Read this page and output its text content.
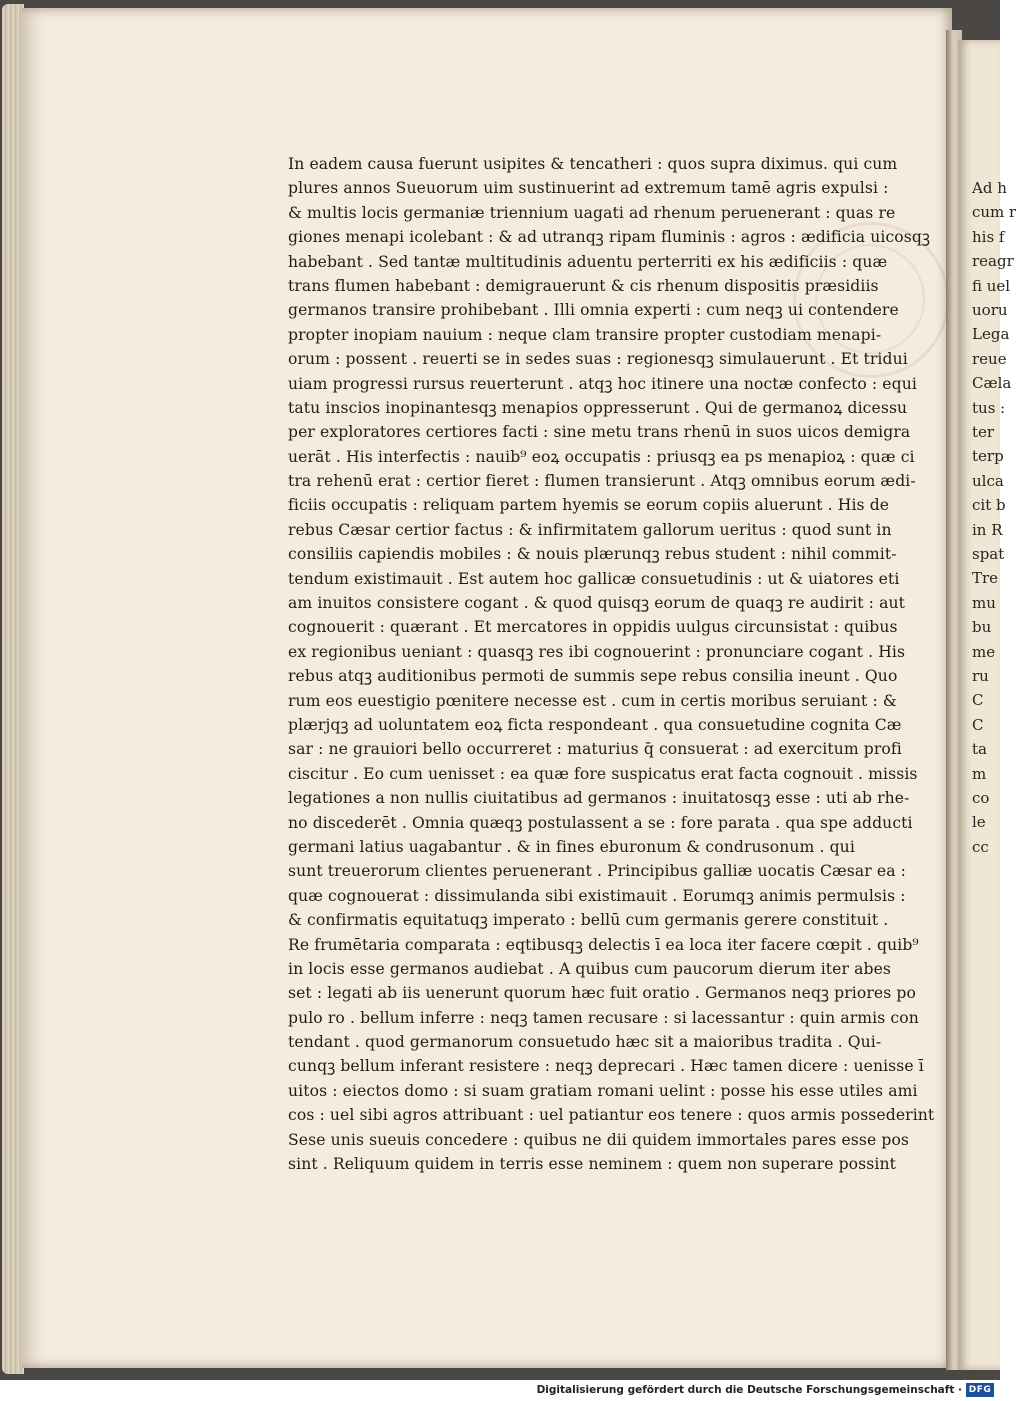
Ad h
cum r
his f
reagr
fi uel
uoru
Lega
reue
Cæla
tus :
ter
terp
ulca
cit b
in R
spat
Tre
mu
bu
me
ru
C
C
ta
m
co
le
cc
In eadem causa fuerunt usipites & tencatheri : quos supra diximus. qui cum
plures annos Sueuorum uim sustinuerint ad extremum tamē agris expulsi :
& multis locis germaniæ triennium uagati ad rhenum peruenerant : quas re
giones menapi icolebant : & ad utranqꝫ ripam fluminis : agros : ædificia uicosqꝫ
habebant . Sed tantæ multitudinis aduentu perterriti ex his ædificiis : quæ
trans flumen habebant : demigrauerunt & cis rhenum dispositis præsidiis
germanos transire prohibebant . Illi omnia experti : cum neqꝫ ui contendere
propter inopiam nauium : neque clam transire propter custodiam menapi-
orum : possent . reuerti se in sedes suas : regionesqꝫ simulauerunt . Et tridui
uiam progressi rursus reuerterunt . atqꝫ hoc itinere una noctæ confecto : equi
tatu inscios inopinantesqꝫ menapios oppresserunt . Qui de germanoꝝ dicessu
per exploratores certiores facti : sine metu trans rhenū in suos uicos demigra
uerāt . His interfectis : nauib⁹ eoꝝ occupatis : priusqꝫ ea ps menapioꝝ : quæ ci
tra rehenū erat : certior fieret : flumen transierunt . Atqꝫ omnibus eorum ædi-
ficiis occupatis : reliquam partem hyemis se eorum copiis aluerunt . His de
rebus Cæsar certior factus : & infirmitatem gallorum ueritus : quod sunt in
consiliis capiendis mobiles : & nouis plærunqꝫ rebus student : nihil commit-
tendum existimauit . Est autem hoc gallicæ consuetudinis : ut & uiatores eti
am inuitos consistere cogant . & quod quisqꝫ eorum de quaqꝫ re audirit : aut
cognouerit : quærant . Et mercatores in oppidis uulgus circunsistat : quibus
ex regionibus ueniant : quasqꝫ res ibi cognouerint : pronunciare cogant . His
rebus atqꝫ auditionibus permoti de summis sepe rebus consilia ineunt . Quo
rum eos euestigio pœnitere necesse est . cum in certis moribus seruiant : &
plærjqꝫ ad uoluntatem eoꝝ ficta respondeant . qua consuetudine cognita Cæ
sar : ne grauiori bello occurreret : maturius q̄ consuerat : ad exercitum profi
ciscitur . Eo cum uenisset : ea quæ fore suspicatus erat facta cognouit . missis
legationes a non nullis ciuitatibus ad germanos : inuitatosqꝫ esse : uti ab rhe-
no discederēt . Omnia quæqꝫ postulassent a se : fore parata . qua spe adducti
germani latius uagabantur . & in fines eburonum & condrusonum . qui
sunt treuerorum clientes peruenerant . Principibus galliæ uocatis Cæsar ea :
quæ cognouerat : dissimulanda sibi existimauit . Eorumqꝫ animis permulsis :
& confirmatis equitatuqꝫ imperato : bellū cum germanis gerere constituit .
Re frumētaria comparata : eqtibusqꝫ delectis ī ea loca iter facere cœpit . quib⁹
in locis esse germanos audiebat . A quibus cum paucorum dierum iter abes
set : legati ab iis uenerunt quorum hæc fuit oratio . Germanos neqꝫ priores po
pulo ro . bellum inferre : neqꝫ tamen recusare : si lacessantur : quin armis con
tendant . quod germanorum consuetudo hæc sit a maioribus tradita . Qui-
cunqꝫ bellum inferant resistere : neqꝫ deprecari . Hæc tamen dicere : uenisse ī
uitos : eiectos domo : si suam gratiam romani uelint : posse his esse utiles ami
cos : uel sibi agros attribuant : uel patiantur eos tenere : quos armis possederint
Sese unis sueuis concedere : quibus ne dii quidem immortales pares esse pos
sint . Reliquum quidem in terris esse neminem : quem non superare possint
Digitalisierung gefördert durch die Deutsche Forschungsgemeinschaft · DFG
